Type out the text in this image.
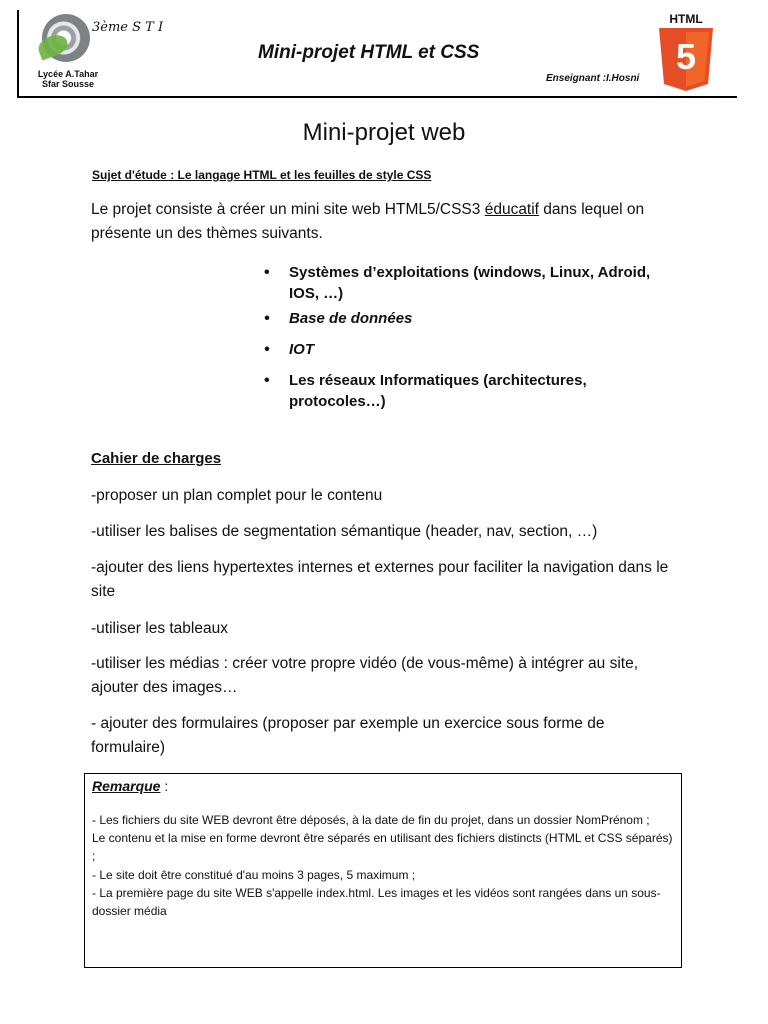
3ème S T I
Lycée A.Tahar
Sfar Sousse
Mini-projet HTML et CSS
Enseignant :I.Hosni
HTML
5
Mini-projet web
Sujet d'étude : Le langage HTML et les feuilles de style CSS
Le projet consiste à créer un mini site web HTML5/CSS3 éducatif dans lequel on présente un des thèmes suivants.
• Systèmes d’exploitations (windows, Linux, Adroid, IOS, …)
• Base de données
• IOT
• Les réseaux Informatiques (architectures, protocoles…)
Cahier de charges
-proposer un plan complet pour le contenu
-utiliser les balises de segmentation sémantique (header, nav, section, …)
-ajouter des liens hypertextes internes et externes pour faciliter la navigation dans le site
-utiliser les tableaux
-utiliser les médias : créer votre propre vidéo (de vous-même) à intégrer au site, ajouter des images…
- ajouter des formulaires (proposer par exemple un exercice sous forme de formulaire)
Remarque :
- Les fichiers du site WEB devront être déposés, à la date de fin du projet, dans un dossier NomPrénom ;
Le contenu et la mise en forme devront être séparés en utilisant des fichiers distincts (HTML et CSS séparés) ;
- Le site doit être constitué d'au moins 3 pages, 5 maximum ;
- La première page du site WEB s'appelle index.html. Les images et les vidéos sont rangées dans un sous-dossier média
